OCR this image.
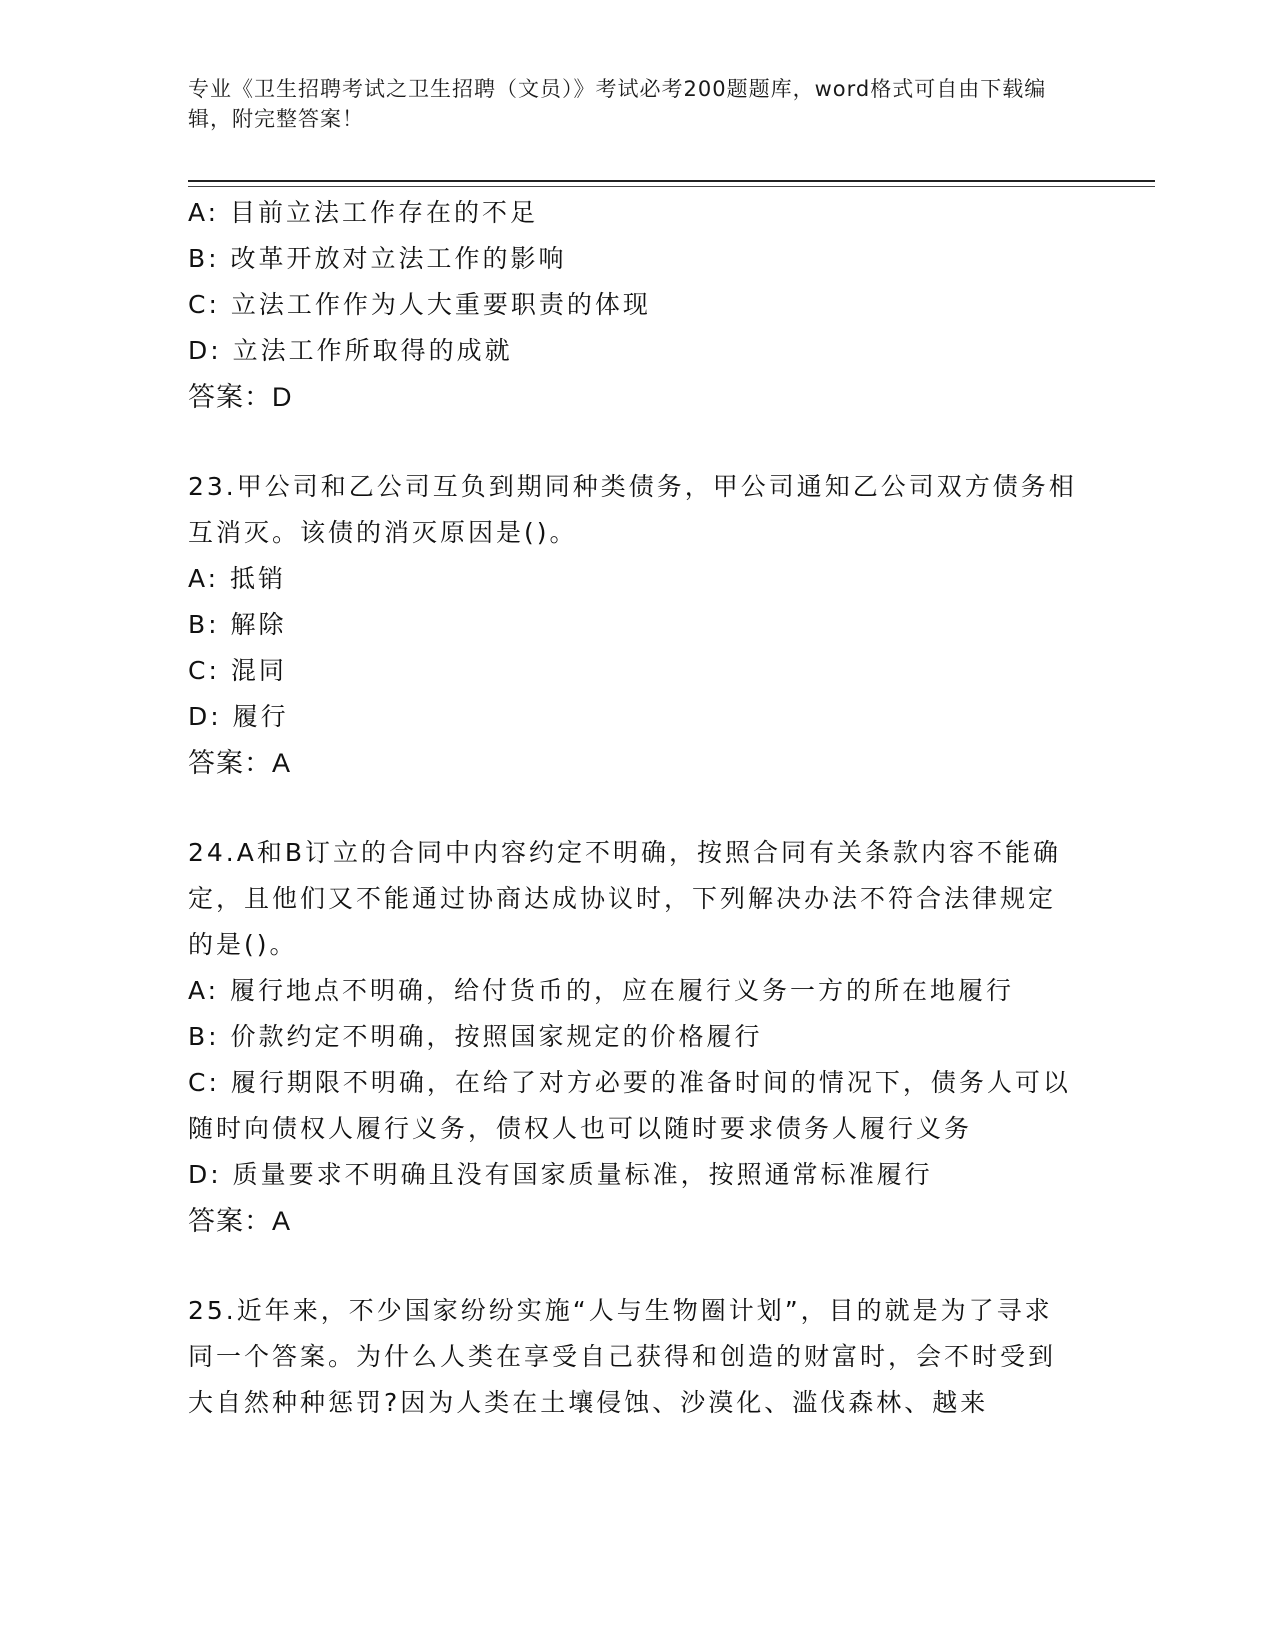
专业《卫生招聘考试之卫生招聘（文员）》考试必考200题题库，word格式可自由下载编辑，附完整答案！

A: 目前立法工作存在的不足

B: 改革开放对立法工作的影响

C: 立法工作作为人大重要职责的体现

D: 立法工作所取得的成就

答案：D

23.甲公司和乙公司互负到期同种类债务，甲公司通知乙公司双方债务相互消灭。该债的消灭原因是()。

A: 抵销

B: 解除

C: 混同

D: 履行

答案：A

24.A和B订立的合同中内容约定不明确，按照合同有关条款内容不能确定，且他们又不能通过协商达成协议时，下列解决办法不符合法律规定的是()。

A: 履行地点不明确，给付货币的，应在履行义务一方的所在地履行

B: 价款约定不明确，按照国家规定的价格履行

C: 履行期限不明确，在给了对方必要的准备时间的情况下，债务人可以随时向债权人履行义务，债权人也可以随时要求债务人履行义务

D: 质量要求不明确且没有国家质量标准，按照通常标准履行

答案：A

25.近年来，不少国家纷纷实施“人与生物圈计划”，目的就是为了寻求同一个答案。为什么人类在享受自己获得和创造的财富时，会不时受到大自然种种惩罚?因为人类在土壤侵蚀、沙漠化、滥伐森林、越来
